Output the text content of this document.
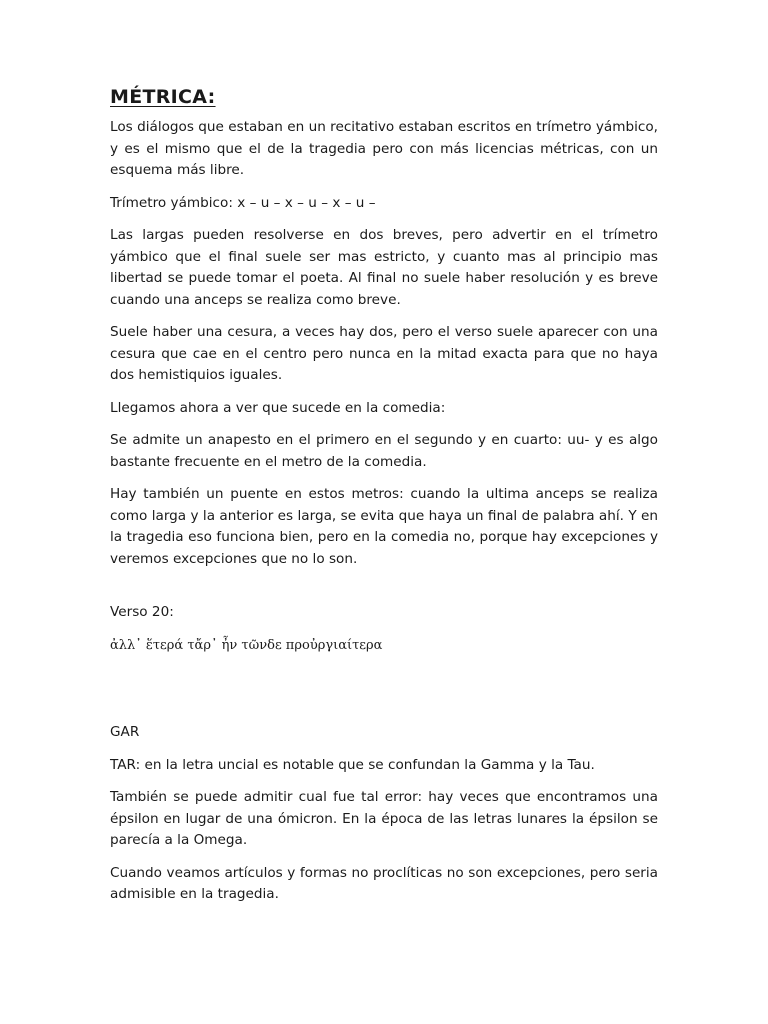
MÉTRICA:

Los diálogos que estaban en un recitativo estaban escritos en trímetro yámbico, y es el mismo que el de la tragedia pero con más licencias métricas, con un esquema más libre.

Trímetro yámbico: x – u – x – u – x – u –

Las largas pueden resolverse en dos breves, pero advertir en el trímetro yámbico que el final suele ser mas estricto, y cuanto mas al principio mas libertad se puede tomar el poeta. Al final no suele haber resolución y es breve cuando una anceps se realiza como breve.

Suele haber una cesura, a veces hay dos, pero el verso suele aparecer con una cesura que cae en el centro pero nunca en la mitad exacta para que no haya dos hemistiquios iguales.

Llegamos ahora a ver que sucede en la comedia:

Se admite un anapesto en el primero en el segundo y en cuarto: uu- y es algo bastante frecuente en el metro de la comedia.

Hay también un puente en estos metros: cuando la ultima anceps se realiza como larga y la anterior es larga, se evita que haya un final de palabra ahí. Y en la tragedia eso funciona bien, pero en la comedia no, porque hay excepciones y veremos excepciones que no lo son.

Verso 20:

ἀλλ᾽ ἕτερά τἄρ᾽ ἦν τῶνδε προὐργιαίτερα

GAR

TAR: en la letra uncial es notable que se confundan la Gamma y la Tau.

También se puede admitir cual fue tal error: hay veces que encontramos una épsilon en lugar de una ómicron. En la época de las letras lunares la épsilon se parecía a la Omega.

Cuando veamos artículos y formas no proclíticas no son excepciones, pero seria admisible en la tragedia.
